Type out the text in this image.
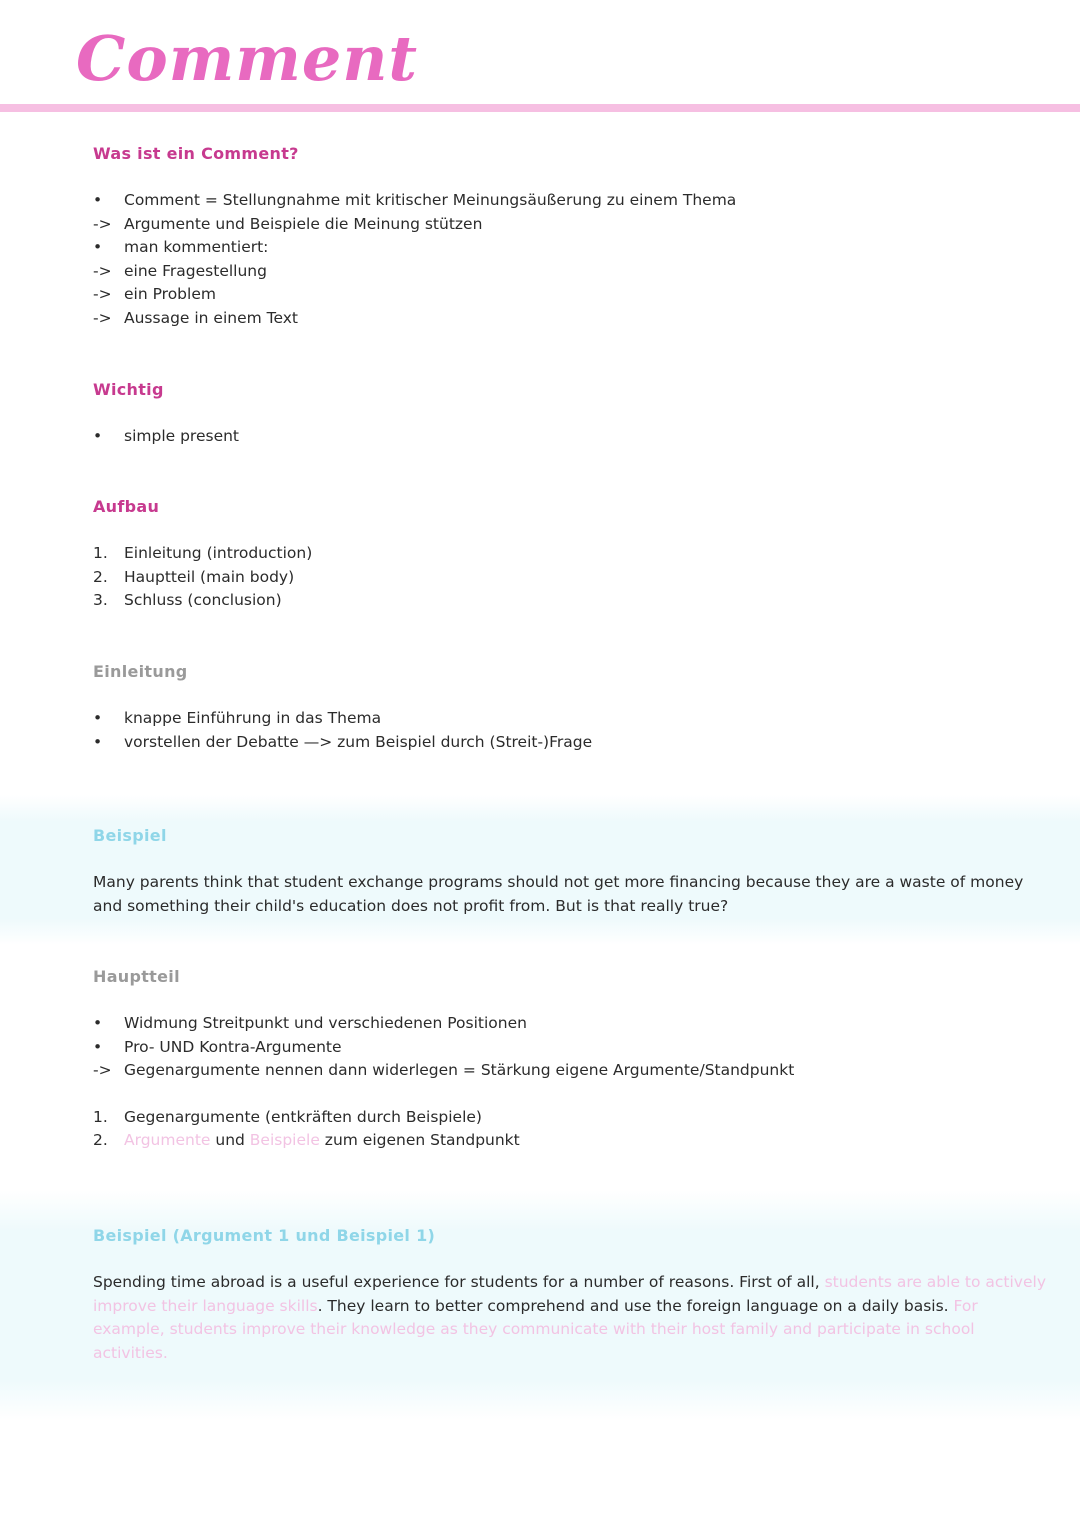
Comment
Was ist ein Comment?
•	Comment = Stellungnahme mit kritischer Meinungsäußerung zu einem Thema
-> Argumente und Beispiele die Meinung stützen
•	man kommentiert:
-> eine Fragestellung
-> ein Problem
-> Aussage in einem Text
Wichtig
•	simple present
Aufbau
1.	Einleitung (introduction)
2.	Hauptteil (main body)
3.	Schluss (conclusion)
Einleitung
•	knappe Einführung in das Thema
•	vorstellen der Debatte —> zum Beispiel durch (Streit-)Frage
Beispiel

Many parents think that student exchange programs should not get more financing because they are a waste of money and something their child's education does not profit from. But is that really true?

Hauptteil
•	Widmung Streitpunkt und verschiedenen Positionen
•	Pro- UND Kontra-Argumente
-> Gegenargumente nennen dann widerlegen = Stärkung eigene Argumente/Standpunkt
1.	Gegenargumente (entkräften durch Beispiele)
2.	Argumente und Beispiele zum eigenen Standpunkt
Beispiel (Argument 1 und Beispiel 1)

Spending time abroad is a useful experience for students for a number of reasons. First of all, students are able to actively improve their language skills. They learn to better comprehend and use the foreign language on a daily basis. For example, students improve their knowledge as they communicate with their host family and participate in school activities.
